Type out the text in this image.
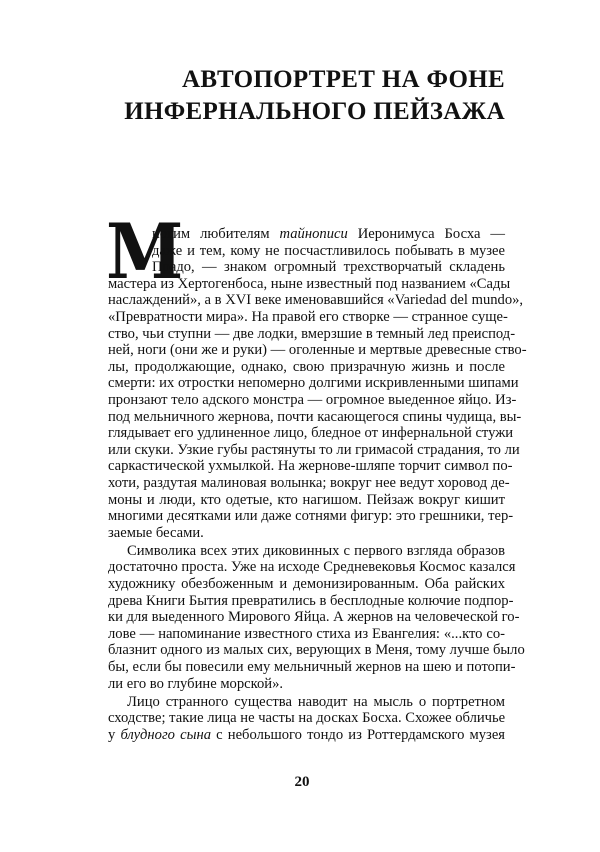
АВТОПОРТРЕТ НА ФОНЕ
ИНФЕРНАЛЬНОГО ПЕЙЗАЖА
М
ногим любителям тайнописи Иеронимуса Босха —
даже и тем, кому не посчастливилось побывать в музее
Прадо, — знаком огромный трехстворчатый складень
мастера из Хертогенбоса, ныне известный под названием «Сады
наслаждений», а в XVI веке именовавшийся «Variedad del mundo»,
«Превратности мира». На правой его створке — странное суще-
ство, чьи ступни — две лодки, вмерзшие в темный лед преиспод-
ней, ноги (они же и руки) — оголенные и мертвые древесные ство-
лы, продолжающие, однако, свою призрачную жизнь и после
смерти: их отростки непомерно долгими искривленными шипами
пронзают тело адского монстра — огромное выеденное яйцо. Из-
под мельничного жернова, почти касающегося спины чудища, вы-
глядывает его удлиненное лицо, бледное от инфернальной стужи
или скуки. Узкие губы растянуты то ли гримасой страдания, то ли
саркастической ухмылкой. На жернове-шляпе торчит символ по-
хоти, раздутая малиновая волынка; вокруг нее ведут хоровод де-
моны и люди, кто одетые, кто нагишом. Пейзаж вокруг кишит
многими десятками или даже сотнями фигур: это грешники, тер-
заемые бесами.
Символика всех этих диковинных с первого взгляда образов
достаточно проста. Уже на исходе Средневековья Космос казался
художнику обезбоженным и демонизированным. Оба райских
древа Книги Бытия превратились в бесплодные колючие подпор-
ки для выеденного Мирового Яйца. А жернов на человеческой го-
лове — напоминание известного стиха из Евангелия: «...кто со-
блазнит одного из малых сих, верующих в Меня, тому лучше было
бы, если бы повесили ему мельничный жернов на шею и потопи-
ли его во глубине морской».
Лицо странного существа наводит на мысль о портретном
сходстве; такие лица не часты на досках Босха. Схожее обличье
у блудного сына с небольшого тондо из Роттердамского музея
20
